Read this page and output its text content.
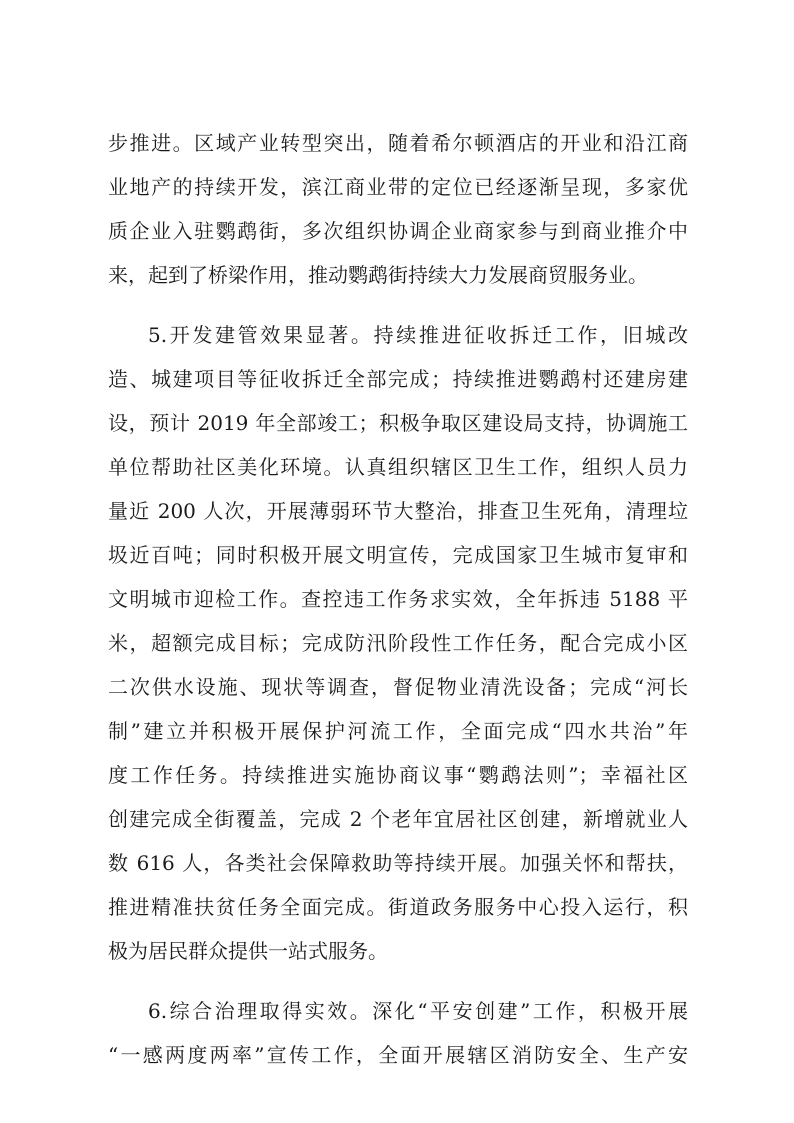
步推进。区域产业转型突出，随着希尔顿酒店的开业和沿江商
业地产的持续开发，滨江商业带的定位已经逐渐呈现，多家优
质企业入驻鹦鹉街，多次组织协调企业商家参与到商业推介中
来，起到了桥梁作用，推动鹦鹉街持续大力发展商贸服务业。
5.开发建管效果显著。持续推进征收拆迁工作，旧城改
造、城建项目等征收拆迁全部完成；持续推进鹦鹉村还建房建
设，预计 2019 年全部竣工；积极争取区建设局支持，协调施工
单位帮助社区美化环境。认真组织辖区卫生工作，组织人员力
量近 200 人次，开展薄弱环节大整治，排查卫生死角，清理垃
圾近百吨；同时积极开展文明宣传，完成国家卫生城市复审和
文明城市迎检工作。查控违工作务求实效，全年拆违 5188 平
米，超额完成目标；完成防汛阶段性工作任务，配合完成小区
二次供水设施、现状等调查，督促物业清洗设备；完成“河长
制”建立并积极开展保护河流工作，全面完成“四水共治”年
度工作任务。持续推进实施协商议事“鹦鹉法则”；幸福社区
创建完成全街覆盖，完成 2 个老年宜居社区创建，新增就业人
数 616 人，各类社会保障救助等持续开展。加强关怀和帮扶，
推进精准扶贫任务全面完成。街道政务服务中心投入运行，积
极为居民群众提供一站式服务。
6.综合治理取得实效。深化“平安创建”工作，积极开展
“一感两度两率”宣传工作，全面开展辖区消防安全、生产安
